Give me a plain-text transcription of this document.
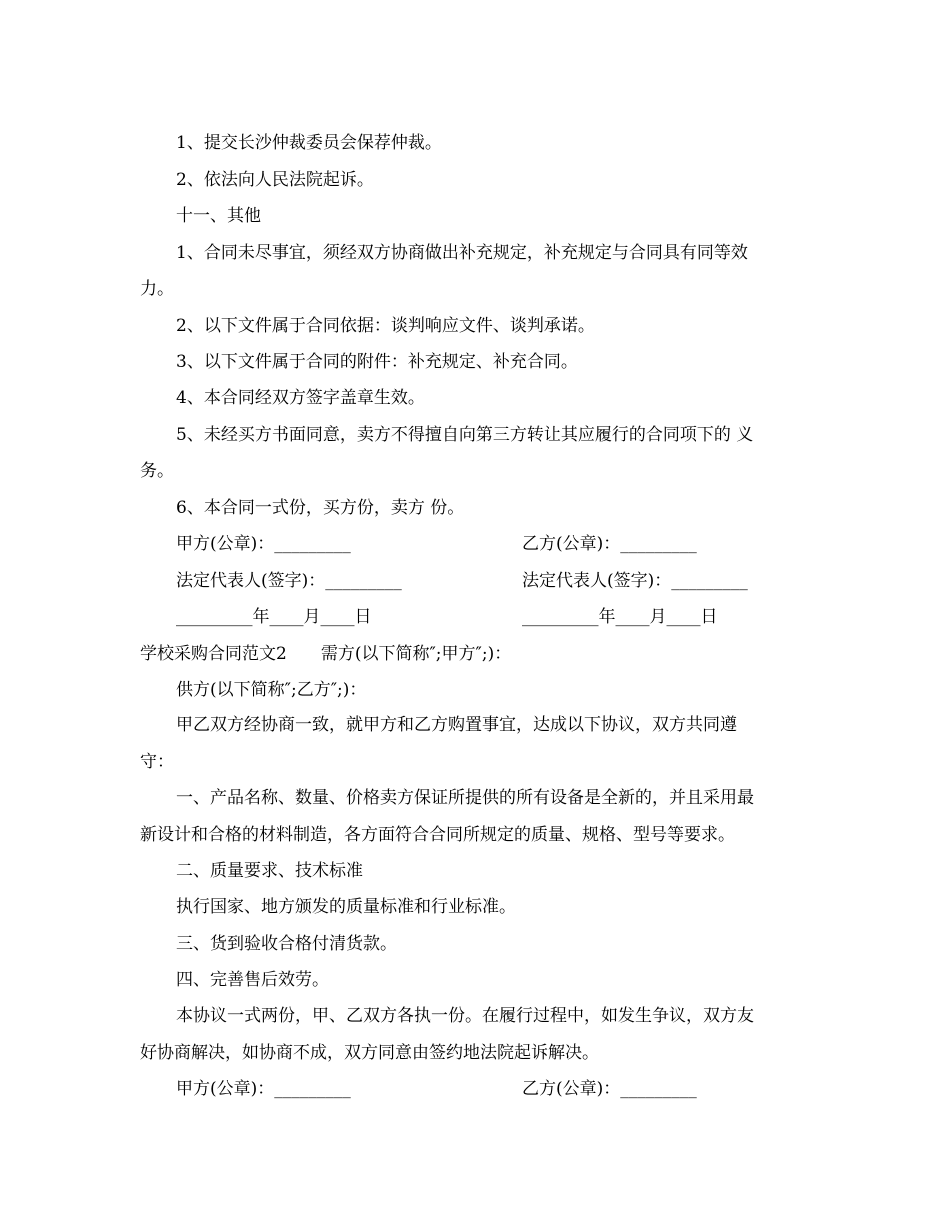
1、提交长沙仲裁委员会保荐仲裁。
2、依法向人民法院起诉。
十一、其他
1、合同未尽事宜，须经双方协商做出补充规定，补充规定与合同具有同等效
力。
2、以下文件属于合同依据：谈判响应文件、谈判承诺。
3、以下文件属于合同的附件：补充规定、补充合同。
4、本合同经双方签字盖章生效。
5、未经买方书面同意，卖方不得擅自向第三方转让其应履行的合同项下的 义
务。
6、本合同一式份，买方份，卖方 份。
甲方(公章)：_________	乙方(公章)：_________
法定代表人(签字)：_________	法定代表人(签字)：_________
_________年____月____日	_________年____月____日
学校采购合同范文2　　需方(以下简称″;甲方″;)：
供方(以下简称″;乙方″;)：
甲乙双方经协商一致，就甲方和乙方购置事宜，达成以下协议，双方共同遵
守：
一、产品名称、数量、价格卖方保证所提供的所有设备是全新的，并且采用最
新设计和合格的材料制造，各方面符合合同所规定的质量、规格、型号等要求。
二、质量要求、技术标准
执行国家、地方颁发的质量标准和行业标准。
三、货到验收合格付清货款。
四、完善售后效劳。
本协议一式两份，甲、乙双方各执一份。在履行过程中，如发生争议，双方友
好协商解决，如协商不成，双方同意由签约地法院起诉解决。
甲方(公章)：_________	乙方(公章)：_________
